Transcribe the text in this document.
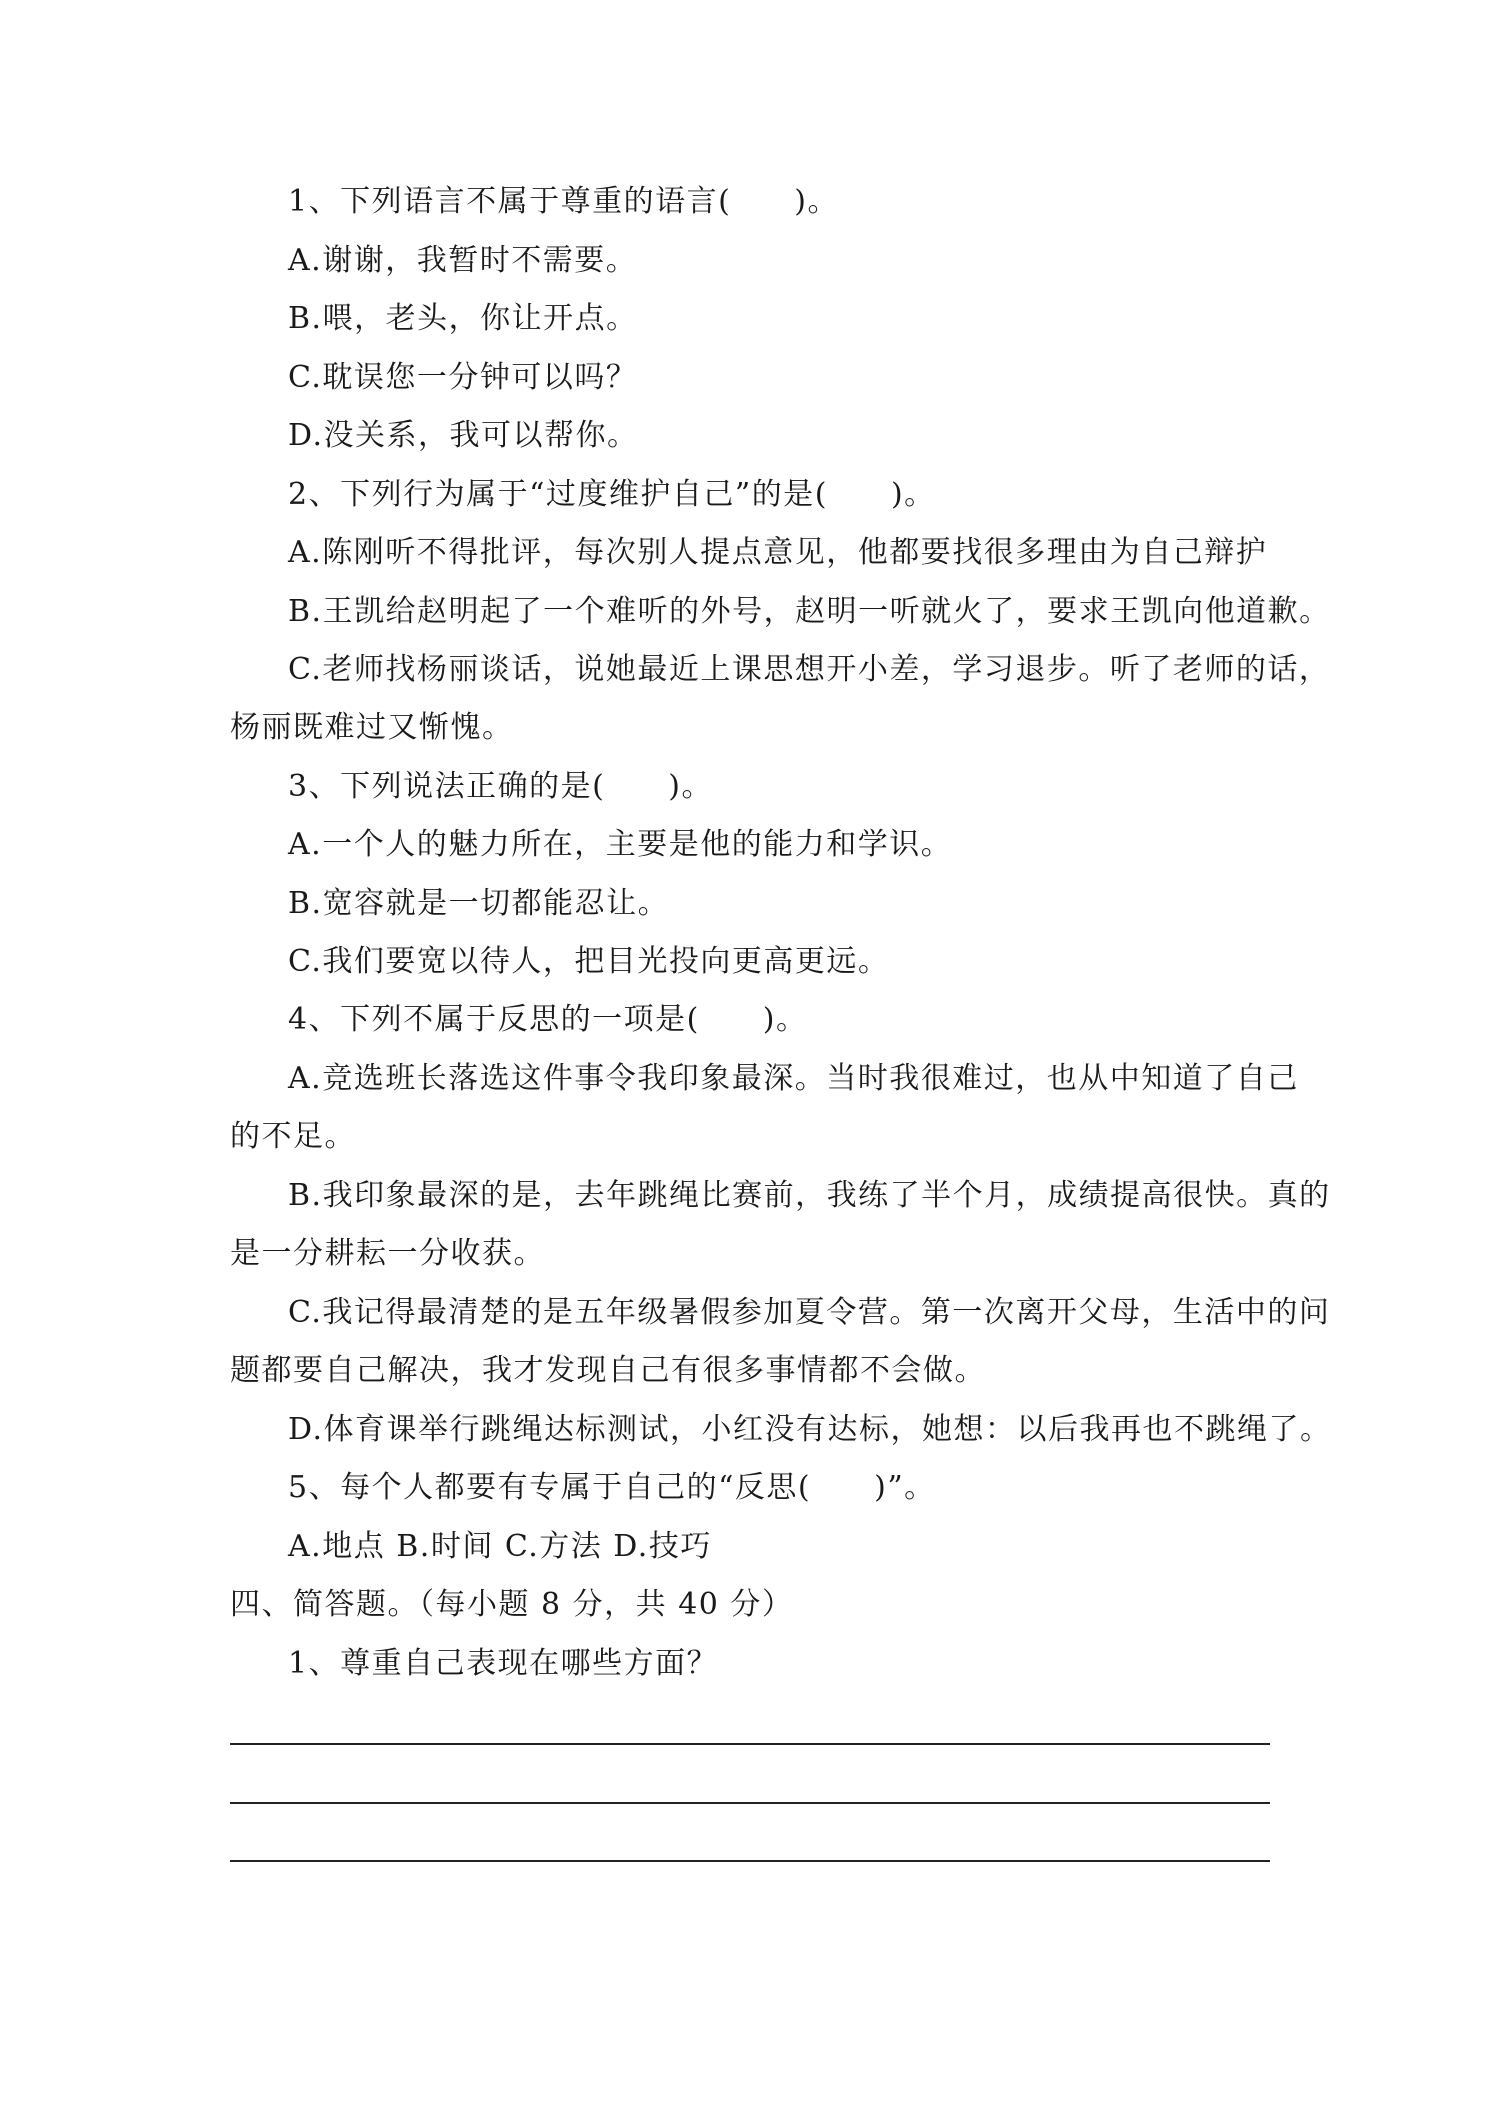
1、下列语言不属于尊重的语言(　　)。
A.谢谢，我暂时不需要。
B.喂，老头，你让开点。
C.耽误您一分钟可以吗？
D.没关系，我可以帮你。
2、下列行为属于“过度维护自己”的是(　　)。
A.陈刚听不得批评，每次别人提点意见，他都要找很多理由为自己辩护
B.王凯给赵明起了一个难听的外号，赵明一听就火了，要求王凯向他道歉。
C.老师找杨丽谈话，说她最近上课思想开小差，学习退步。听了老师的话，
杨丽既难过又惭愧。
3、下列说法正确的是(　　)。
A.一个人的魅力所在，主要是他的能力和学识。
B.宽容就是一切都能忍让。
C.我们要宽以待人，把目光投向更高更远。
4、下列不属于反思的一项是(　　)。
A.竞选班长落选这件事令我印象最深。当时我很难过，也从中知道了自己
的不足。
B.我印象最深的是，去年跳绳比赛前，我练了半个月，成绩提高很快。真的
是一分耕耘一分收获。
C.我记得最清楚的是五年级暑假参加夏令营。第一次离开父母，生活中的问
题都要自己解决，我才发现自己有很多事情都不会做。
D.体育课举行跳绳达标测试，小红没有达标，她想：以后我再也不跳绳了。
5、每个人都要有专属于自己的“反思(　　)”。
A.地点 B.时间 C.方法 D.技巧
四、简答题。（每小题 8 分，共 40 分）
1、尊重自己表现在哪些方面？
